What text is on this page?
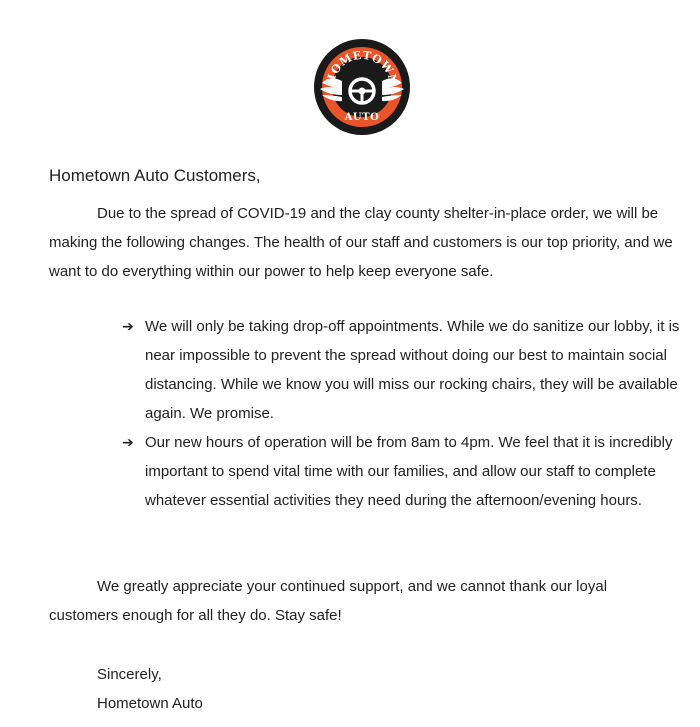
HOMETOWN
AUTO

Hometown Auto Customers,

Due to the spread of COVID-19 and the clay county shelter-in-place order, we will be making the following changes. The health of our staff and customers is our top priority, and we want to do everything within our power to help keep everyone safe.

➔ We will only be taking drop-off appointments. While we do sanitize our lobby, it is near impossible to prevent the spread without doing our best to maintain social distancing. While we know you will miss our rocking chairs, they will be available again. We promise.
➔ Our new hours of operation will be from 8am to 4pm. We feel that it is incredibly important to spend vital time with our families, and allow our staff to complete whatever essential activities they need during the afternoon/evening hours.

We greatly appreciate your continued support, and we cannot thank our loyal customers enough for all they do. Stay safe!

Sincerely,
Hometown Auto
